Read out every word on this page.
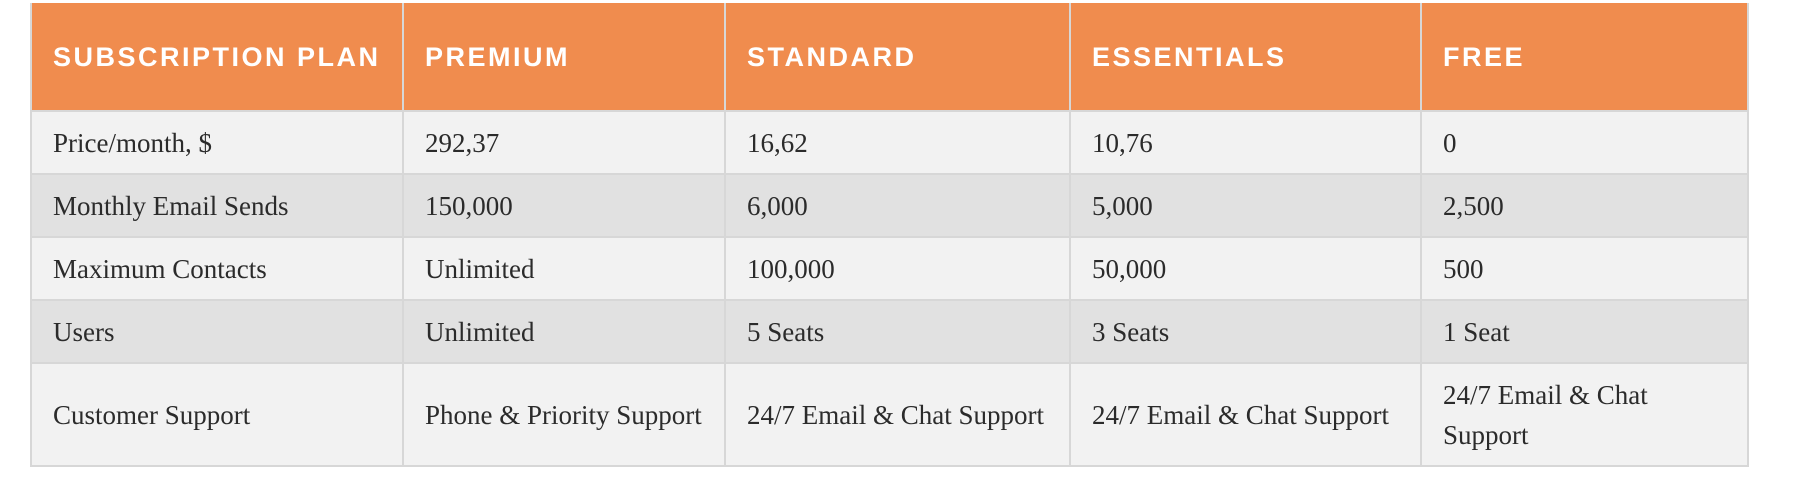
SUBSCRIPTION PLAN	PREMIUM	STANDARD	ESSENTIALS	FREE
Price/month, $	292,37	16,62	10,76	0
Monthly Email Sends	150,000	6,000	5,000	2,500
Maximum Contacts	Unlimited	100,000	50,000	500
Users	Unlimited	5 Seats	3 Seats	1 Seat
Customer Support	Phone & Priority Support	24/7 Email & Chat Support	24/7 Email & Chat Support	24/7 Email & Chat Support
